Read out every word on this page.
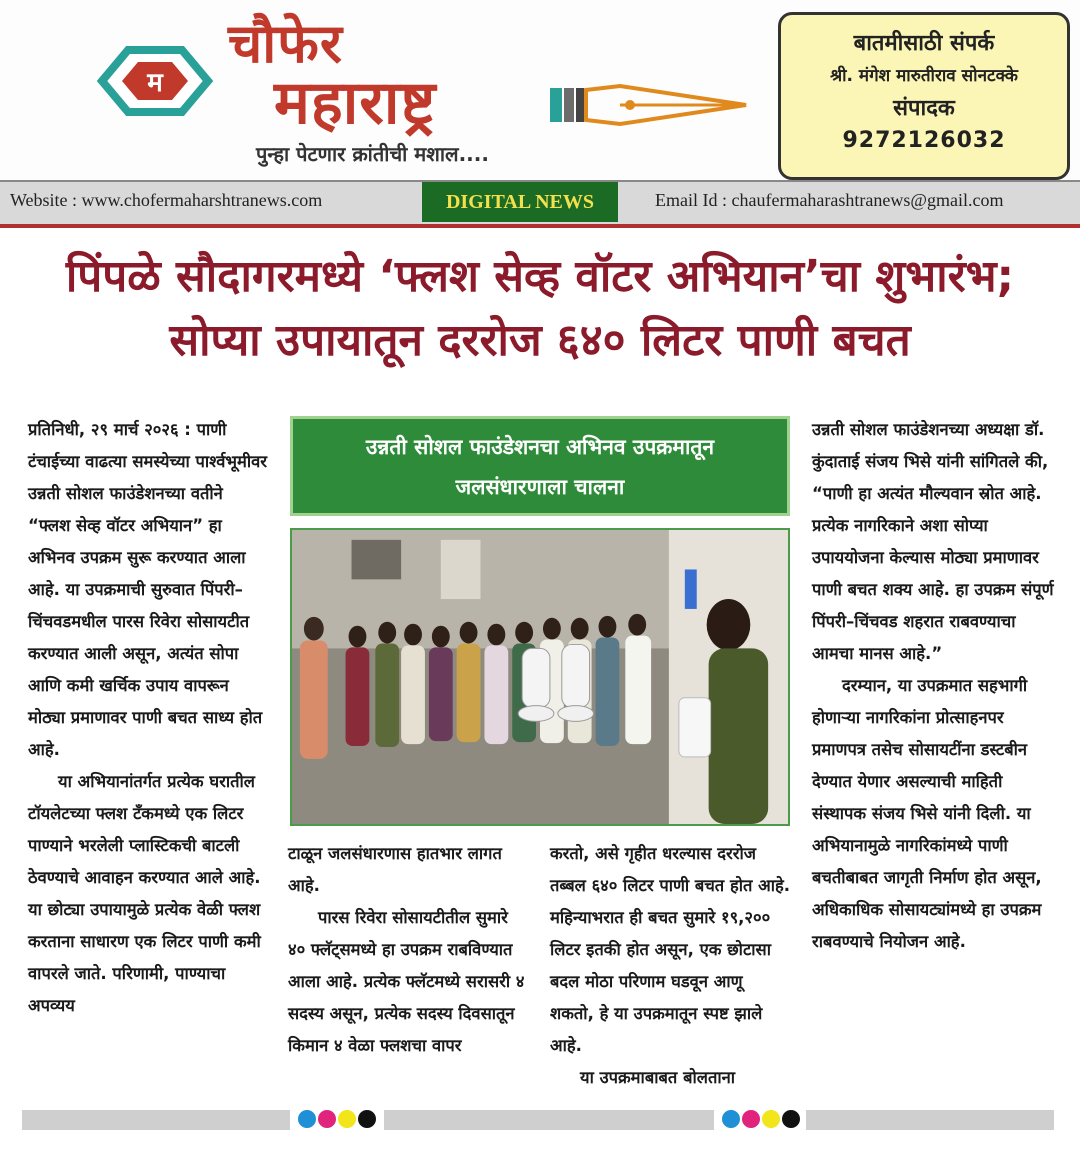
म
चौफेर
महाराष्ट्र
पुन्हा पेटणार क्रांतीची मशाल....
बातमीसाठी संपर्क
श्री. मंगेश मारुतीराव सोनटक्के
संपादक
9272126032
Website : www.chofermaharshtranews.com	DIGITAL NEWS	Email Id : chaufermaharashtranews@gmail.com
पिंपळे सौदागरमध्ये ‘फ्लश सेव्ह वॉटर अभियान’चा शुभारंभ;
सोप्या उपायातून दररोज ६४० लिटर पाणी बचत

प्रतिनिधी, २९ मार्च २०२६ : पाणी टंचाईच्या वाढत्या समस्येच्या पार्श्वभूमीवर उन्नती सोशल फाउंडेशनच्या वतीने “फ्लश सेव्ह वॉटर अभियान” हा अभिनव उपक्रम सुरू करण्यात आला आहे. या उपक्रमाची सुरुवात पिंपरी–चिंचवडमधील पारस रिवेरा सोसायटीत करण्यात आली असून, अत्यंत सोपा आणि कमी खर्चिक उपाय वापरून मोठ्या प्रमाणावर पाणी बचत साध्य होत आहे.

या अभियानांतर्गत प्रत्येक घरातील टॉयलेटच्या फ्लश टँकमध्ये एक लिटर पाण्याने भरलेली प्लास्टिकची बाटली ठेवण्याचे आवाहन करण्यात आले आहे. या छोट्या उपायामुळे प्रत्येक वेळी फ्लश करताना साधारण एक लिटर पाणी कमी वापरले जाते. परिणामी, पाण्याचा अपव्यय

उन्नती सोशल फाउंडेशनचा अभिनव उपक्रमातून
जलसंधारणाला चालना

टाळून जलसंधारणास हातभार लागत आहे.

पारस रिवेरा सोसायटीतील सुमारे ४० फ्लॅट्समध्ये हा उपक्रम राबविण्यात आला आहे. प्रत्येक फ्लॅटमध्ये सरासरी ४ सदस्य असून, प्रत्येक सदस्य दिवसातून किमान ४ वेळा फ्लशचा वापर

करतो, असे गृहीत धरल्यास दररोज तब्बल ६४० लिटर पाणी बचत होत आहे. महिन्याभरात ही बचत सुमारे १९,२०० लिटर इतकी होत असून, एक छोटासा बदल मोठा परिणाम घडवून आणू शकतो, हे या उपक्रमातून स्पष्ट झाले आहे.

या उपक्रमाबाबत बोलताना

उन्नती सोशल फाउंडेशनच्या अध्यक्षा डॉ. कुंदाताई संजय भिसे यांनी सांगितले की, “पाणी हा अत्यंत मौल्यवान स्रोत आहे. प्रत्येक नागरिकाने अशा सोप्या उपाययोजना केल्यास मोठ्या प्रमाणावर पाणी बचत शक्य आहे. हा उपक्रम संपूर्ण पिंपरी–चिंचवड शहरात राबवण्याचा आमचा मानस आहे.”

दरम्यान, या उपक्रमात सहभागी होणाऱ्या नागरिकांना प्रोत्साहनपर प्रमाणपत्र तसेच सोसायटींना डस्टबीन देण्यात येणार असल्याची माहिती संस्थापक संजय भिसे यांनी दिली. या अभियानामुळे नागरिकांमध्ये पाणी बचतीबाबत जागृती निर्माण होत असून, अधिकाधिक सोसायट्यांमध्ये हा उपक्रम राबवण्याचे नियोजन आहे.
